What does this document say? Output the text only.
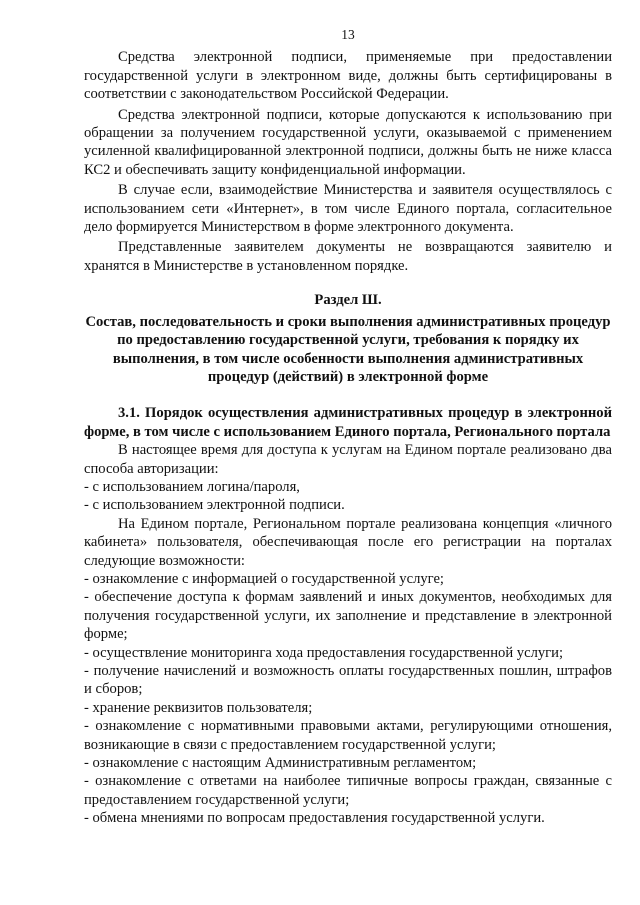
13

Средства электронной подписи, применяемые при предоставлении государственной услуги в электронном виде, должны быть сертифицированы в соответствии с законодательством Российской Федерации.

Средства электронной подписи, которые допускаются к использованию при обращении за получением государственной услуги, оказываемой с применением усиленной квалифицированной электронной подписи, должны быть не ниже класса КС2 и обеспечивать защиту конфиденциальной информации.

В случае если, взаимодействие Министерства и заявителя осуществлялось с использованием сети «Интернет», в том числе Единого портала, согласительное дело формируется Министерством в форме электронного документа.

Представленные заявителем документы не возвращаются заявителю и хранятся в Министерстве в установленном порядке.

Раздел Ш.
Состав, последовательность и сроки выполнения административных процедур по предоставлению государственной услуги, требования к порядку их выполнения, в том числе особенности выполнения административных процедур (действий) в электронной форме

3.1. Порядок осуществления административных процедур в электронной форме, в том числе с использованием Единого портала, Регионального портала

В настоящее время для доступа к услугам на Едином портале реализовано два способа авторизации:

- с использованием логина/пароля,
- с использованием электронной подписи.

На Едином портале, Региональном портале реализована концепция «личного кабинета» пользователя, обеспечивающая после его регистрации на порталах следующие возможности:

- ознакомление с информацией о государственной услуге;
- обеспечение доступа к формам заявлений и иных документов, необходимых для получения государственной услуги, их заполнение и представление в электронной форме;
- осуществление мониторинга хода предоставления государственной услуги;
- получение начислений и возможность оплаты государственных пошлин, штрафов и сборов;
- хранение реквизитов пользователя;
- ознакомление с нормативными правовыми актами, регулирующими отношения, возникающие в связи с предоставлением государственной услуги;
- ознакомление с настоящим Административным регламентом;
- ознакомление с ответами на наиболее типичные вопросы граждан, связанные с предоставлением государственной услуги;
- обмена мнениями по вопросам предоставления государственной услуги.
